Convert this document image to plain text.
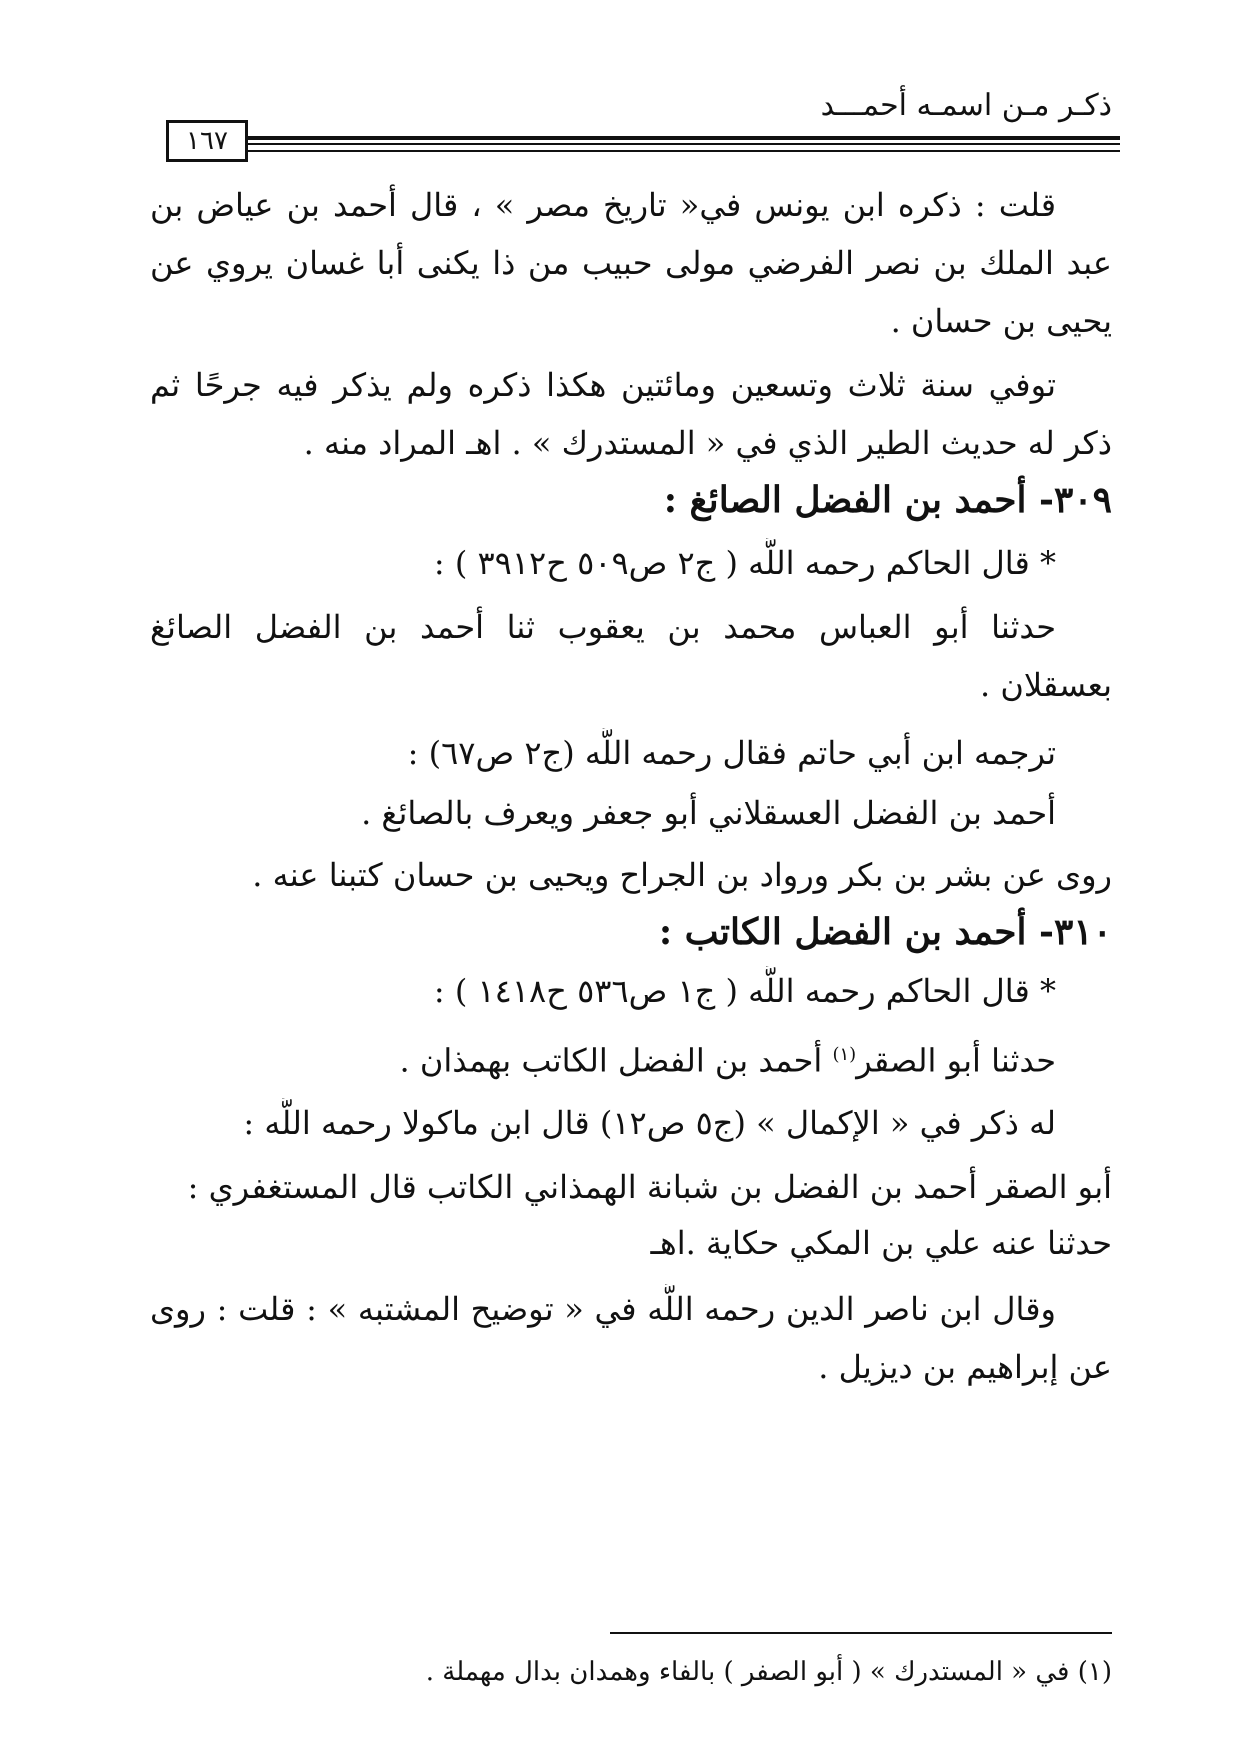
ذكـر مـن اسمـه أحمـــد
١٦٧
قلت : ذكره ابن يونس في« تاريخ مصر » ، قال أحمد بن عياض بن
عبد الملك بن نصر الفرضي مولى حبيب من ذا يكنى أبا غسان يروي عن
يحيى بن حسان .
توفي سنة ثلاث وتسعين ومائتين هكذا ذكره ولم يذكر فيه جرحًا ثم
ذكر له حديث الطير الذي في « المستدرك » . اهـ المراد منه .
٣٠٩- أحمد بن الفضل الصائغ :
* قال الحاكم رحمه اللَّه ( ج٢ ص٥٠٩ ح٣٩١٢ ) :
حدثنا أبو العباس محمد بن يعقوب ثنا أحمد بن الفضل الصائغ
بعسقلان .
ترجمه ابن أبي حاتم فقال رحمه اللَّه (ج٢ ص٦٧) :
أحمد بن الفضل العسقلاني أبو جعفر ويعرف بالصائغ .
روى عن بشر بن بكر ورواد بن الجراح ويحيى بن حسان كتبنا عنه .
٣١٠- أحمد بن الفضل الكاتب :
* قال الحاكم رحمه اللَّه ( ج١ ص٥٣٦ ح١٤١٨ ) :
حدثنا أبو الصقر$^{(١)}$ أحمد بن الفضل الكاتب بهمذان .
له ذكر في « الإكمال » (ج٥ ص١٢) قال ابن ماكولا رحمه اللَّه :
أبو الصقر أحمد بن الفضل بن شبانة الهمذاني الكاتب قال المستغفري :
حدثنا عنه علي بن المكي حكاية .اهـ
وقال ابن ناصر الدين رحمه اللَّه في « توضيح المشتبه » : قلت : روى
عن إبراهيم بن ديزيل .
(١) في « المستدرك » ( أبو الصفر ) بالفاء وهمدان بدال مهملة .
